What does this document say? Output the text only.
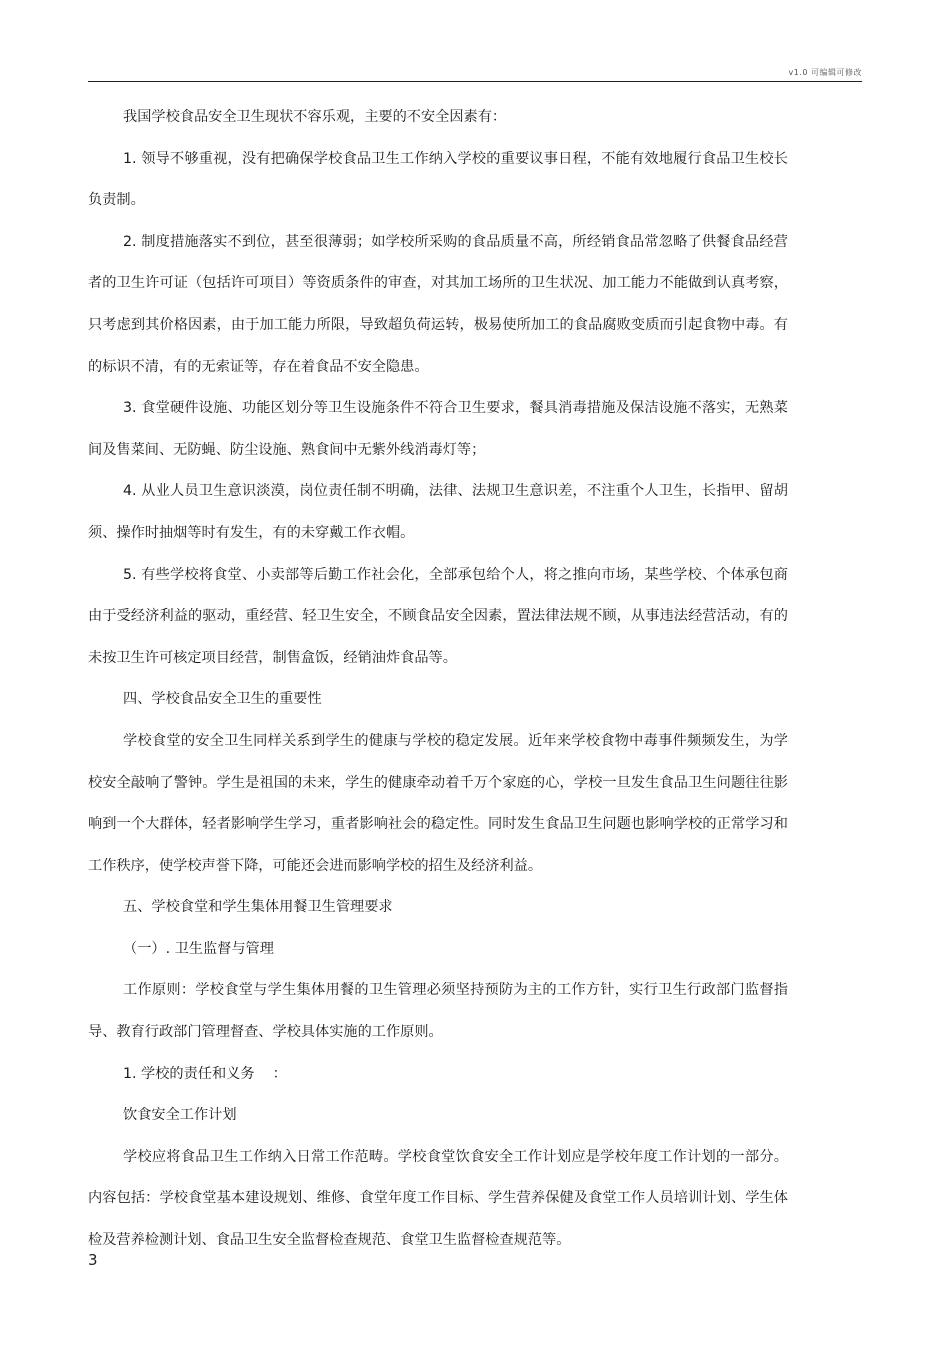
v1.0 可编辑可修改

我国学校食品安全卫生现状不容乐观，主要的不安全因素有：

1. 领导不够重视，没有把确保学校食品卫生工作纳入学校的重要议事日程，不能有效地履行食品卫生校长负责制。

2. 制度措施落实不到位，甚至很薄弱；如学校所采购的食品质量不高，所经销食品常忽略了供餐食品经营者的卫生许可证（包括许可项目）等资质条件的审查，对其加工场所的卫生状况、加工能力不能做到认真考察，只考虑到其价格因素，由于加工能力所限，导致超负荷运转，极易使所加工的食品腐败变质而引起食物中毒。有的标识不清，有的无索证等，存在着食品不安全隐患。

3. 食堂硬件设施、功能区划分等卫生设施条件不符合卫生要求，餐具消毒措施及保洁设施不落实，无熟菜间及售菜间、无防蝇、防尘设施、熟食间中无紫外线消毒灯等；

4. 从业人员卫生意识淡漠，岗位责任制不明确，法律、法规卫生意识差，不注重个人卫生，长指甲、留胡须、操作时抽烟等时有发生，有的未穿戴工作衣帽。

5. 有些学校将食堂、小卖部等后勤工作社会化，全部承包给个人，将之推向市场，某些学校、个体承包商由于受经济利益的驱动，重经营、轻卫生安全，不顾食品安全因素，置法律法规不顾，从事违法经营活动，有的未按卫生许可核定项目经营，制售盒饭，经销油炸食品等。

四、学校食品安全卫生的重要性

学校食堂的安全卫生同样关系到学生的健康与学校的稳定发展。近年来学校食物中毒事件频频发生，为学校安全敲响了警钟。学生是祖国的未来，学生的健康牵动着千万个家庭的心，学校一旦发生食品卫生问题往往影响到一个大群体，轻者影响学生学习，重者影响社会的稳定性。同时发生食品卫生问题也影响学校的正常学习和工作秩序，使学校声誉下降，可能还会进而影响学校的招生及经济利益。

五、学校食堂和学生集体用餐卫生管理要求

（一）. 卫生监督与管理

工作原则：学校食堂与学生集体用餐的卫生管理必须坚持预防为主的工作方针，实行卫生行政部门监督指导、教育行政部门管理督查、学校具体实施的工作原则。

1. 学校的责任和义务    ：

饮食安全工作计划

学校应将食品卫生工作纳入日常工作范畴。学校食堂饮食安全工作计划应是学校年度工作计划的一部分。内容包括：学校食堂基本建设规划、维修、食堂年度工作目标、学生营养保健及食堂工作人员培训计划、学生体检及营养检测计划、食品卫生安全监督检查规范、食堂卫生监督检查规范等。

3
